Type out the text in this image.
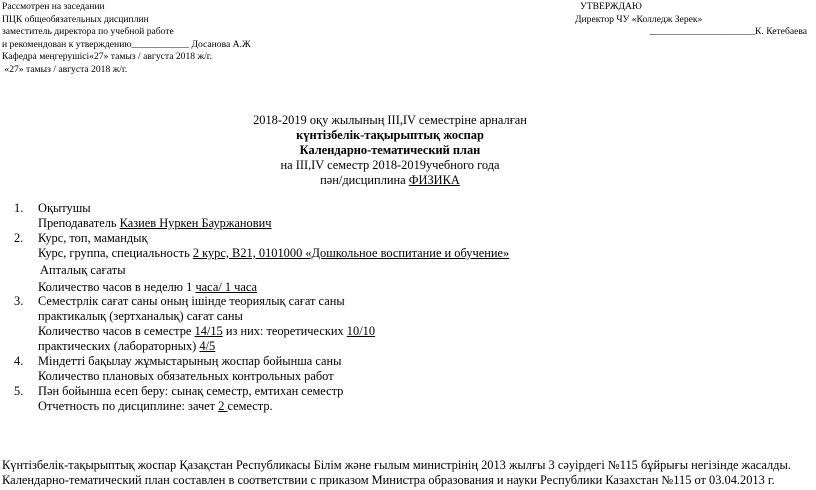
Рассмотрен на заседании
ПЦК общеобязательных дисциплин
заместитель директора по учебной работе
и рекомендован к утверждению____________ Досанова А.Ж
Кафедра меңгерушісі«27» тамыз / августа 2018 ж/г.
«27» тамыз / августа 2018 ж/г.
УТВЕРЖДАЮ
Директор ЧУ «Колледж Зерек»
______________________К. Кетебаева
2018-2019 оқу жылының III,IV семестріне арналған
күнтізбелік-тақырыптық жоспар
Календарно-тематический план
на III,IV семестр 2018-2019учебного года
пән/дисциплина ФИЗИКА
1.	Оқытушы
Преподаватель Казиев Нуркен Бауржанович
2.	Курс, топ, мамандық
Курс, группа, специальность 2 курс, В21, 0101000 «Дошкольное воспитание и обучение»
Апталық сағаты
Количество часов в неделю 1 часа/ 1 часа
3.	Семестрлік сағат саны оның ішінде теориялық сағат саны
практикалық (зертханалық) сағат саны
Количество часов в семестре 14/15 из них: теоретических 10/10
практических (лабораторных) 4/5
4.	Міндетті бақылау жұмыстарының жоспар бойынша саны
Количество плановых обязательных контрольных работ
5.	Пән бойынша есеп беру: сынақ семестр, емтихан семестр
Отчетность по дисциплине: зачет 2 семестр.
Күнтізбелік-тақырыптық жоспар Қазақстан Республикасы Білім және ғылым министрінің 2013 жылғы 3 сәуірдегі №115 бұйрығы негізінде жасалды.
Календарно-тематический план составлен в соответствии с приказом Министра образования и науки Республики Казахстан №115 от 03.04.2013 г.
